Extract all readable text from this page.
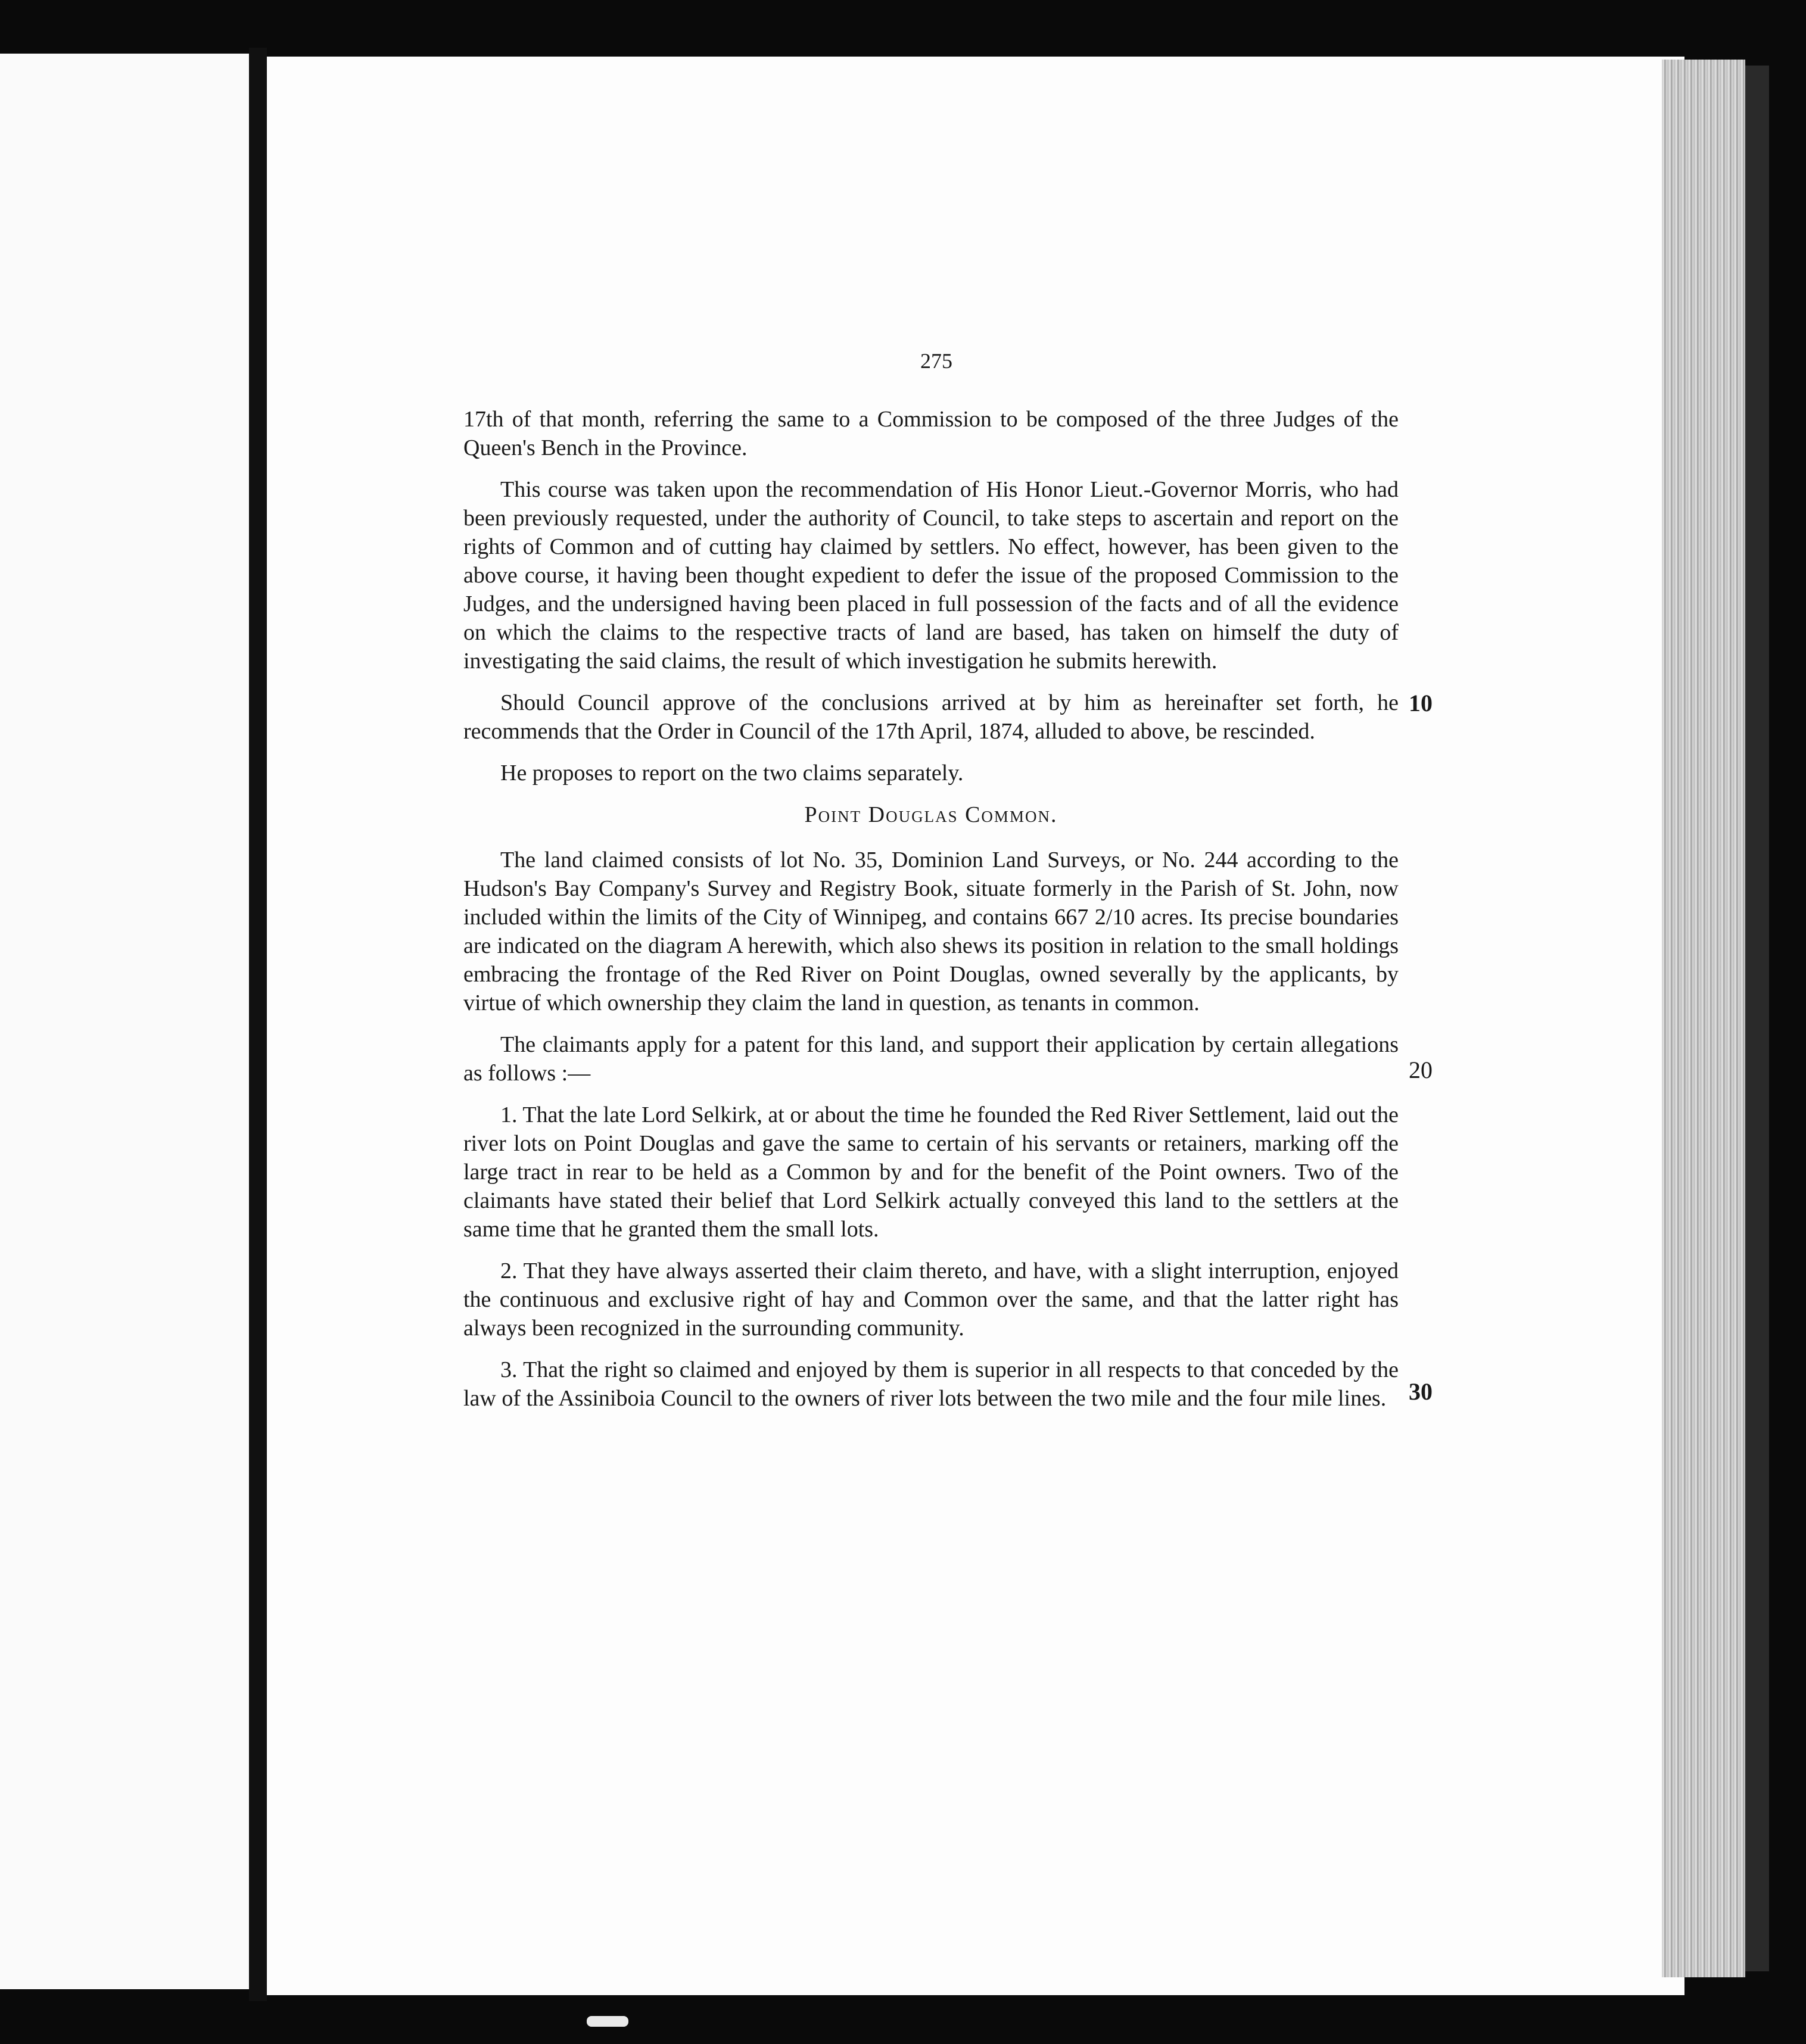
275

17th of that month, referring the same to a Commission to be composed of the three Judges of the Queen's Bench in the Province.

This course was taken upon the recommendation of His Honor Lieut.-Governor Morris, who had been previously requested, under the authority of Council, to take steps to ascertain and report on the rights of Common and of cutting hay claimed by settlers. No effect, however, has been given to the above course, it having been thought expedient to defer the issue of the proposed Commission to the Judges, and the undersigned having been placed in full possession of the facts and of all the evidence on which the claims to the respective tracts of land are based, has taken on himself the duty of investigating the said claims, the result of which investigation he submits herewith.

Should Council approve of the conclusions arrived at by him as hereinafter set forth, he recommends that the Order in Council of the 17th April, 1874, alluded to above, be rescinded.

He proposes to report on the two claims separately.

Point Douglas Common.

The land claimed consists of lot No. 35, Dominion Land Surveys, or No. 244 according to the Hudson's Bay Company's Survey and Registry Book, situate formerly in the Parish of St. John, now included within the limits of the City of Winnipeg, and contains 667 2/10 acres. Its precise boundaries are indicated on the diagram A herewith, which also shews its position in relation to the small holdings embracing the frontage of the Red River on Point Douglas, owned severally by the applicants, by virtue of which ownership they claim the land in question, as tenants in common.

The claimants apply for a patent for this land, and support their application by certain allegations as follows :—

1. That the late Lord Selkirk, at or about the time he founded the Red River Settlement, laid out the river lots on Point Douglas and gave the same to certain of his servants or retainers, marking off the large tract in rear to be held as a Common by and for the benefit of the Point owners. Two of the claimants have stated their belief that Lord Selkirk actually conveyed this land to the settlers at the same time that he granted them the small lots.

2. That they have always asserted their claim thereto, and have, with a slight interruption, enjoyed the continuous and exclusive right of hay and Common over the same, and that the latter right has always been recognized in the surrounding community.

3. That the right so claimed and enjoyed by them is superior in all respects to that conceded by the law of the Assiniboia Council to the owners of river lots between the two mile and the four mile lines.

10
20
30
